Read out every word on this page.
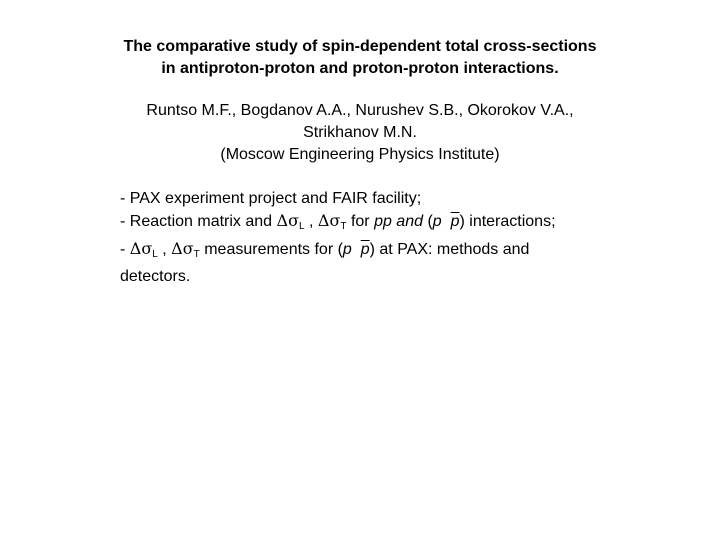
The comparative study of spin-dependent total cross-sections
in antiproton-proton and proton-proton interactions.
Runtso M.F., Bogdanov A.A., Nurushev S.B., Okorokov V.A.,
Strikhanov M.N.
(Moscow Engineering Physics Institute)
- PAX experiment project and FAIR facility;
- Reaction matrix and $\Delta\sigma_L$ , $\Delta\sigma_T$ for pp and (p $\overline{p}$) interactions;
- $\Delta\sigma_L$ , $\Delta\sigma_T$ measurements for (p $\overline{p}$) at PAX: methods and
detectors.
